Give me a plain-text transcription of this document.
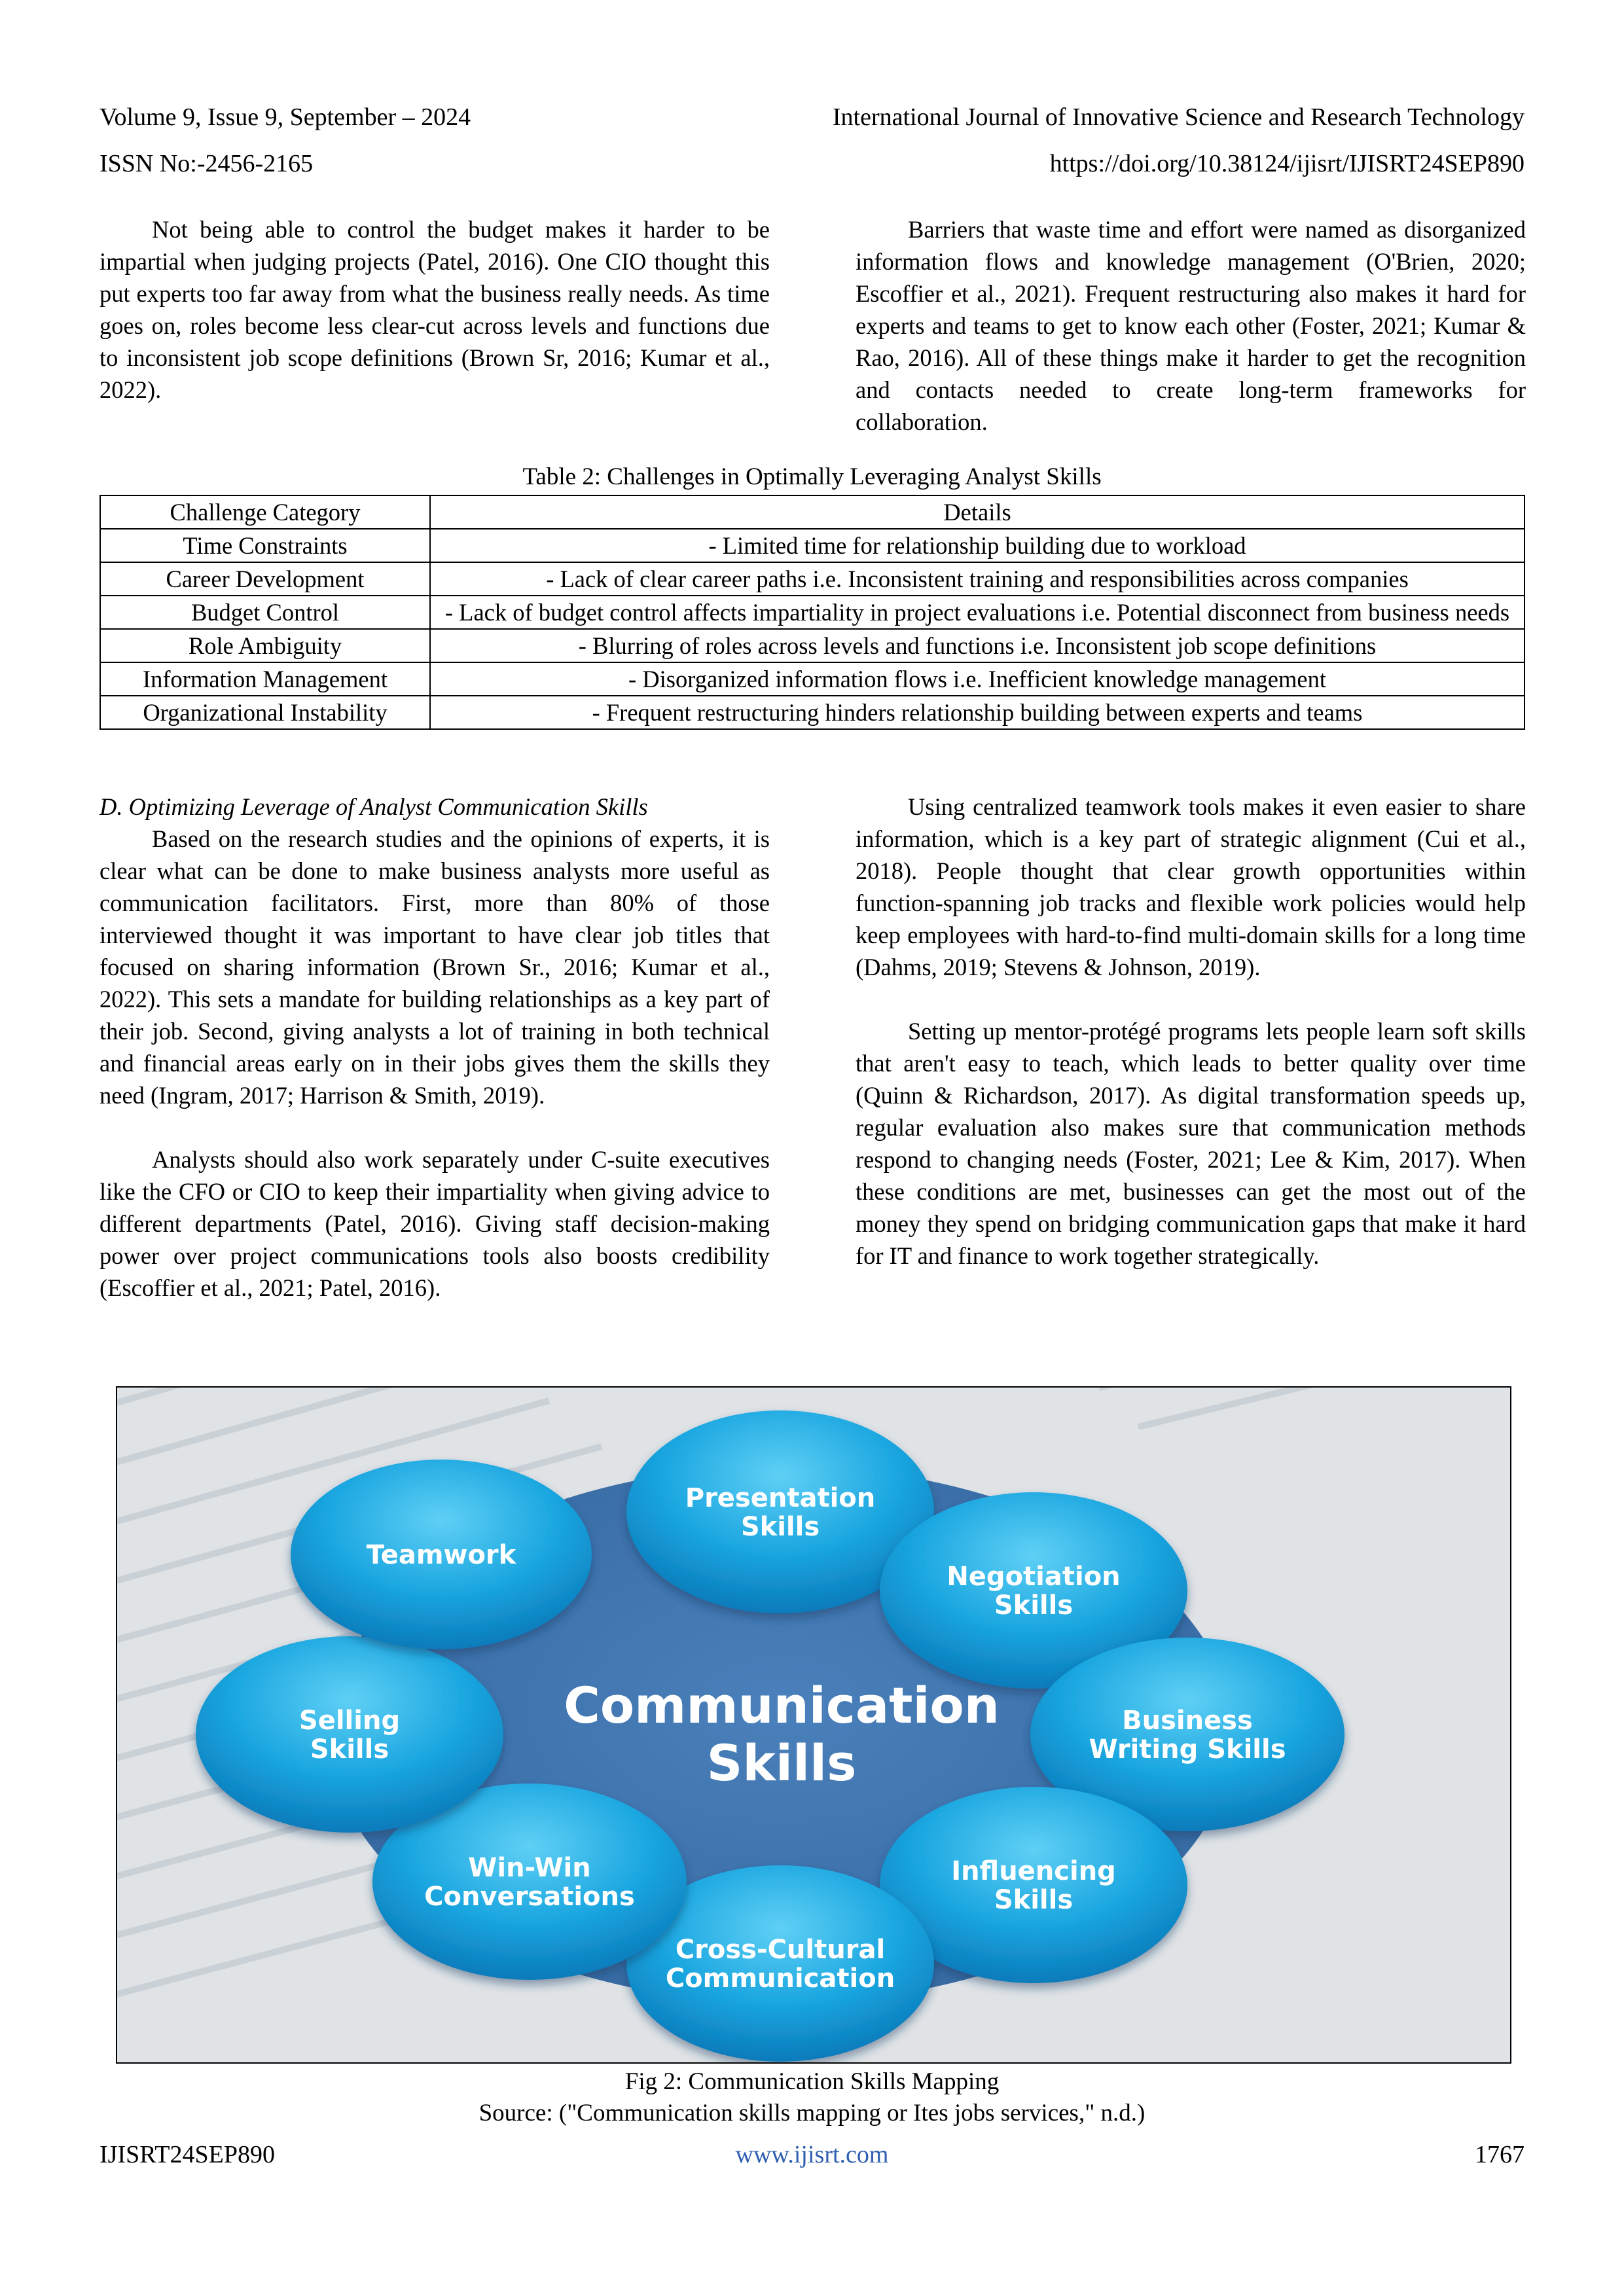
Volume 9, Issue 9, September – 2024	International Journal of Innovative Science and Research Technology
ISSN No:-2456-2165	https://doi.org/10.38124/ijisrt/IJISRT24SEP890

Not being able to control the budget makes it harder to be impartial when judging projects (Patel, 2016). One CIO thought this put experts too far away from what the business really needs. As time goes on, roles become less clear-cut across levels and functions due to inconsistent job scope definitions (Brown Sr, 2016; Kumar et al., 2022).

Barriers that waste time and effort were named as disorganized information flows and knowledge management (O'Brien, 2020; Escoffier et al., 2021). Frequent restructuring also makes it hard for experts and teams to get to know each other (Foster, 2021; Kumar & Rao, 2016). All of these things make it harder to get the recognition and contacts needed to create long-term frameworks for collaboration.

Table 2: Challenges in Optimally Leveraging Analyst Skills
Challenge Category	Details
Time Constraints	- Limited time for relationship building due to workload
Career Development	- Lack of clear career paths i.e. Inconsistent training and responsibilities across companies
Budget Control	- Lack of budget control affects impartiality in project evaluations i.e. Potential disconnect from business needs
Role Ambiguity	- Blurring of roles across levels and functions i.e. Inconsistent job scope definitions
Information Management	- Disorganized information flows i.e. Inefficient knowledge management
Organizational Instability	- Frequent restructuring hinders relationship building between experts and teams

D. Optimizing Leverage of Analyst Communication Skills

Based on the research studies and the opinions of experts, it is clear what can be done to make business analysts more useful as communication facilitators. First, more than 80% of those interviewed thought it was important to have clear job titles that focused on sharing information (Brown Sr., 2016; Kumar et al., 2022). This sets a mandate for building relationships as a key part of their job. Second, giving analysts a lot of training in both technical and financial areas early on in their jobs gives them the skills they need (Ingram, 2017; Harrison & Smith, 2019).

Analysts should also work separately under C-suite executives like the CFO or CIO to keep their impartiality when giving advice to different departments (Patel, 2016). Giving staff decision-making power over project communications tools also boosts credibility (Escoffier et al., 2021; Patel, 2016).

Using centralized teamwork tools makes it even easier to share information, which is a key part of strategic alignment (Cui et al., 2018). People thought that clear growth opportunities within function-spanning job tracks and flexible work policies would help keep employees with hard-to-find multi-domain skills for a long time (Dahms, 2019; Stevens & Johnson, 2019).

Setting up mentor-protégé programs lets people learn soft skills that aren't easy to teach, which leads to better quality over time (Quinn & Richardson, 2017). As digital transformation speeds up, regular evaluation also makes sure that communication methods respond to changing needs (Foster, 2021; Lee & Kim, 2017). When these conditions are met, businesses can get the most out of the money they spend on bridging communication gaps that make it hard for IT and finance to work together strategically.

Communication
Skills
Presentation
Skills
Negotiation
Skills
Business
Writing Skills
Influencing
Skills
Cross-Cultural
Communication
Win-Win
Conversations
Selling
Skills
Teamwork
Fig 2: Communication Skills Mapping
Source: ("Communication skills mapping or Ites jobs services," n.d.)
IJISRT24SEP890	www.ijisrt.com	1767
